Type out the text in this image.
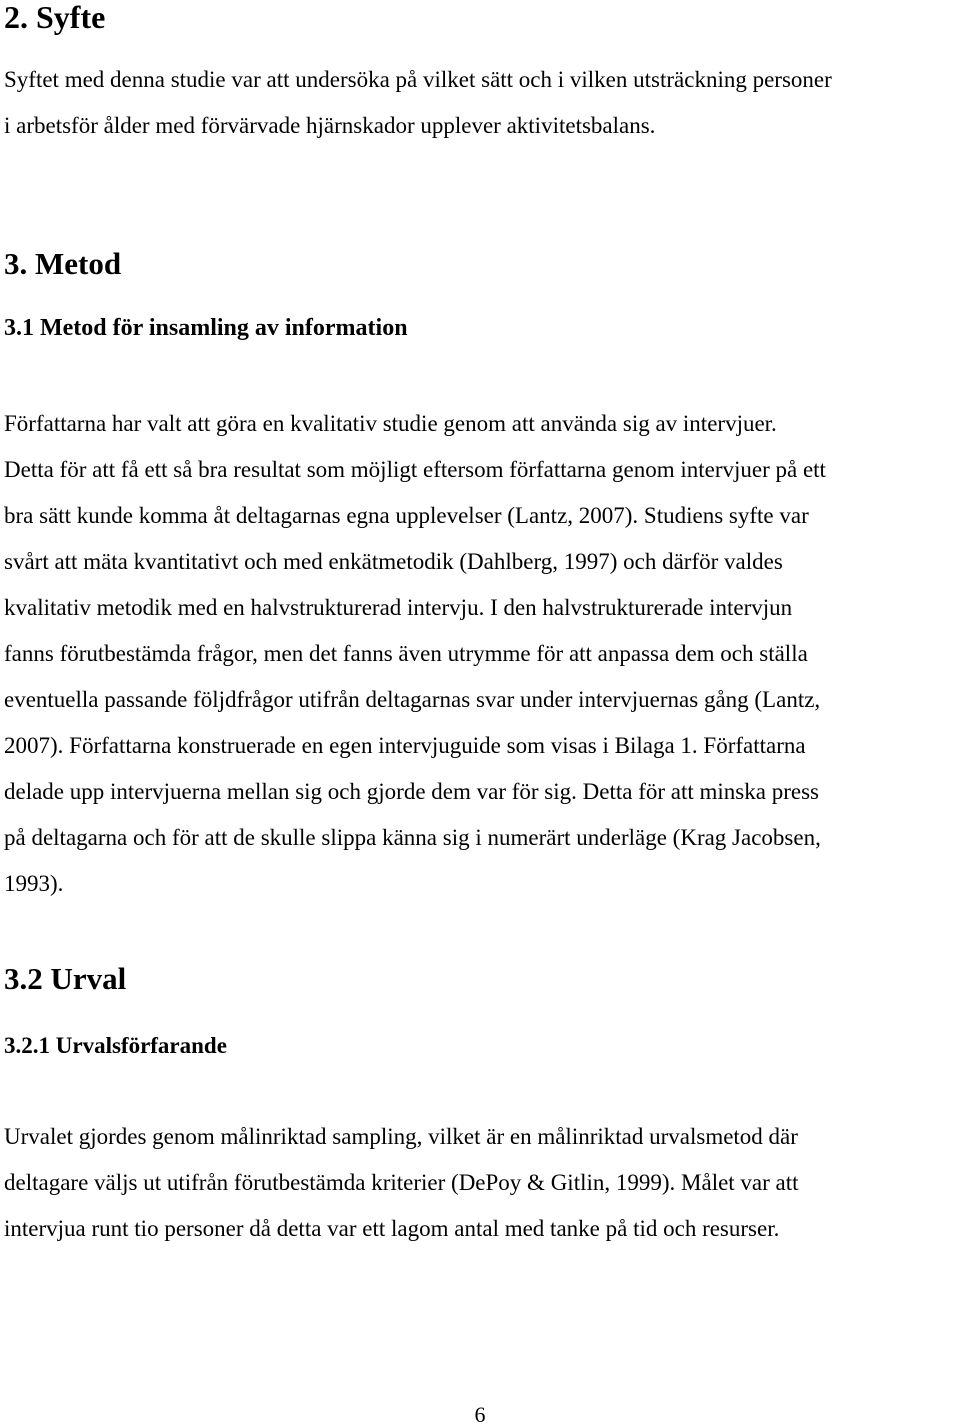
2. Syfte

Syftet med denna studie var att undersöka på vilket sätt och i vilken utsträckning personer

i arbetsför ålder med förvärvade hjärnskador upplever aktivitetsbalans.

3. Metod
3.1 Metod för insamling av information

Författarna har valt att göra en kvalitativ studie genom att använda sig av intervjuer.

Detta för att få ett så bra resultat som möjligt eftersom författarna genom intervjuer på ett

bra sätt kunde komma åt deltagarnas egna upplevelser (Lantz, 2007). Studiens syfte var

svårt att mäta kvantitativt och med enkätmetodik (Dahlberg, 1997) och därför valdes

kvalitativ metodik med en halvstrukturerad intervju. I den halvstrukturerade intervjun

fanns förutbestämda frågor, men det fanns även utrymme för att anpassa dem och ställa

eventuella passande följdfrågor utifrån deltagarnas svar under intervjuernas gång (Lantz,

2007). Författarna konstruerade en egen intervjuguide som visas i Bilaga 1. Författarna

delade upp intervjuerna mellan sig och gjorde dem var för sig. Detta för att minska press

på deltagarna och för att de skulle slippa känna sig i numerärt underläge (Krag Jacobsen,

1993).

3.2 Urval
3.2.1 Urvalsförfarande

Urvalet gjordes genom målinriktad sampling, vilket är en målinriktad urvalsmetod där

deltagare väljs ut utifrån förutbestämda kriterier (DePoy & Gitlin, 1999). Målet var att

intervjua runt tio personer då detta var ett lagom antal med tanke på tid och resurser.

6
